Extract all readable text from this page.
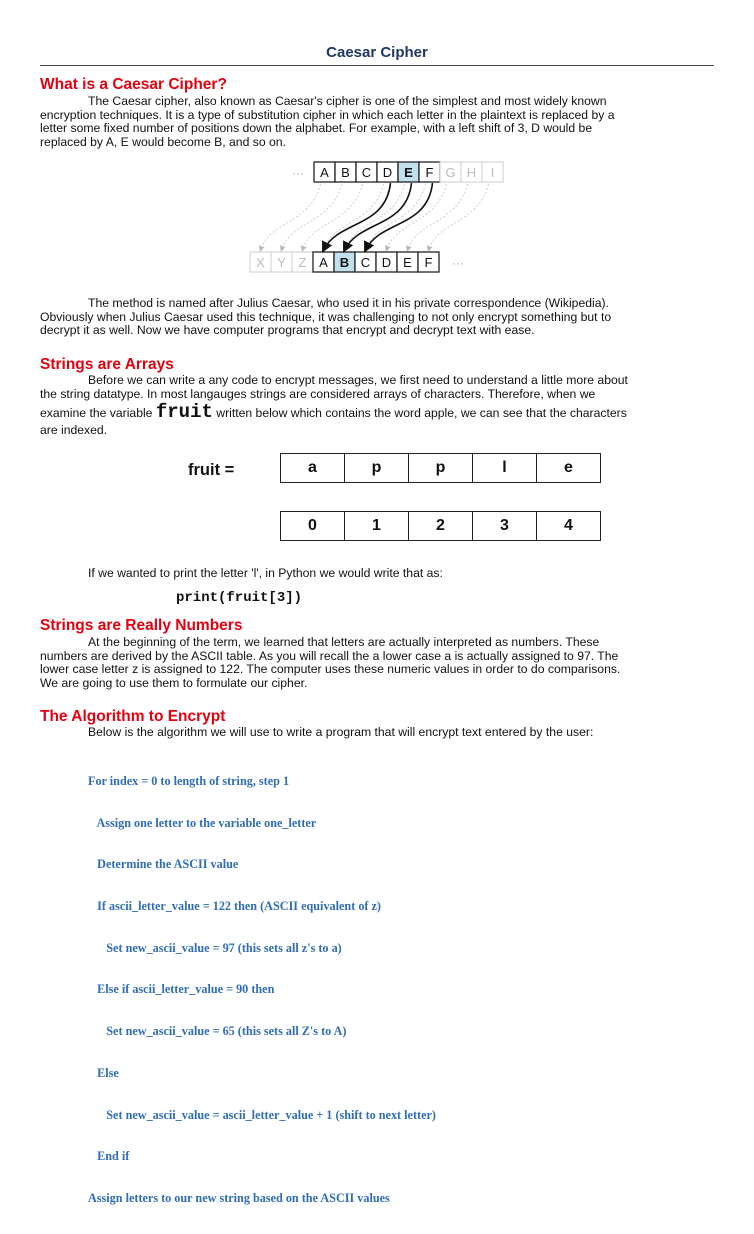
Caesar Cipher
What is a Caesar Cipher?
The Caesar cipher, also known as Caesar's cipher is one of the simplest and most widely known
encryption techniques. It is a type of substitution cipher in which each letter in the plaintext is replaced by a
letter some fixed number of positions down the alphabet. For example, with a left shift of 3, D would be
replaced by A, E would become B, and so on.
A B C D E F G H I
X Y Z A B C D E F
···
···
The method is named after Julius Caesar, who used it in his private correspondence (Wikipedia).
Obviously when Julius Caesar used this technique, it was challenging to not only encrypt something but to
decrypt it as well. Now we have computer programs that encrypt and decrypt text with ease.
Strings are Arrays
Before we can write a any code to encrypt messages, we first need to understand a little more about
the string datatype. In most langauges strings are considered arrays of characters. Therefore, when we
examine the variable fruit written below which contains the word apple, we can see that the characters
are indexed.
fruit =	a	p	p	l	e
0	1	2	3	4
If we wanted to print the letter 'l', in Python we would write that as:
print(fruit[3])
Strings are Really Numbers
At the beginning of the term, we learned that letters are actually interpreted as numbers. These
numbers are derived by the ASCII table. As you will recall the a lower case a is actually assigned to 97. The
lower case letter z is assigned to 122. The computer uses these numeric values in order to do comparisons.
We are going to use them to formulate our cipher.
The Algorithm to Encrypt
Below is the algorithm we will use to write a program that will encrypt text entered by the user:

For index = 0 to length of string, step 1

Assign one letter to the variable one_letter

Determine the ASCII value

If ascii_letter_value = 122 then (ASCII equivalent of z)

Set new_ascii_value = 97 (this sets all z's to a)

Else if ascii_letter_value = 90 then

Set new_ascii_value = 65 (this sets all Z's to A)

Else

Set new_ascii_value = ascii_letter_value + 1 (shift to next letter)

End if

Assign letters to our new string based on the ASCII values
